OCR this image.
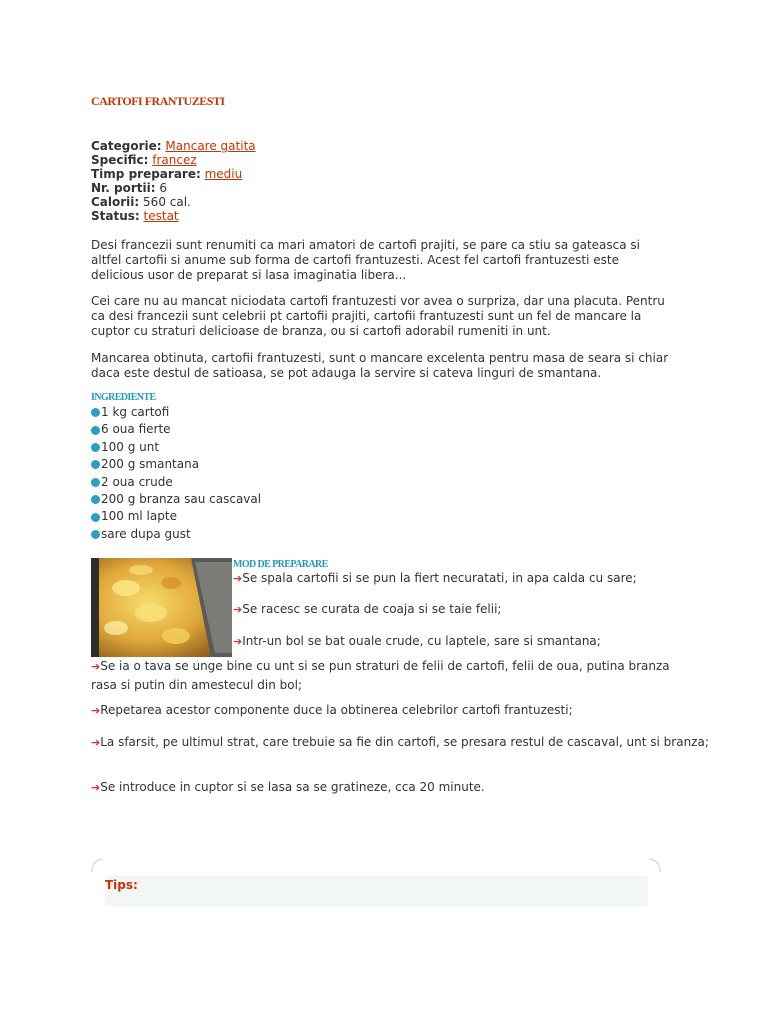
CARTOFI FRANTUZESTI
Categorie: Mancare gatita
Specific: francez
Timp preparare: mediu
Nr. portii: 6
Calorii: 560 cal.
Status: testat
Desi francezii sunt renumiti ca mari amatori de cartofi prajiti, se pare ca stiu sa gateasca si altfel cartofii si anume sub forma de cartofi frantuzesti. Acest fel cartofi frantuzesti este delicious usor de preparat si lasa imaginatia libera...
Cei care nu au mancat niciodata cartofi frantuzesti vor avea o surpriza, dar una placuta. Pentru ca desi francezii sunt celebrii pt cartofii prajiti, cartofii frantuzesti sunt un fel de mancare la cuptor cu straturi delicioase de branza, ou si cartofi adorabil rumeniti in unt.
Mancarea obtinuta, cartofii frantuzesti, sunt o mancare excelenta pentru masa de seara si chiar daca este destul de satioasa, se pot adauga la servire si cateva linguri de smantana.
INGREDIENTE
1 kg cartofi
6 oua fierte
100 g unt
200 g smantana
2 oua crude
200 g branza sau cascaval
100 ml lapte
sare dupa gust
MOD DE PREPARARE
➔Se spala cartofii si se pun la fiert necuratati, in apa calda cu sare;
➔Se racesc se curata de coaja si se taie felii;
➔Intr-un bol se bat ouale crude, cu laptele, sare si smantana;
➔Se ia o tava se unge bine cu unt si se pun straturi de felii de cartofi, felii de oua, putina branza rasa si putin din amestecul din bol;
➔Repetarea acestor componente duce la obtinerea celebrilor cartofi frantuzesti;
➔La sfarsit, pe ultimul strat, care trebuie sa fie din cartofi, se presara restul de cascaval, unt si branza;
➔Se introduce in cuptor si se lasa sa se gratineze, cca 20 minute.
Tips:
